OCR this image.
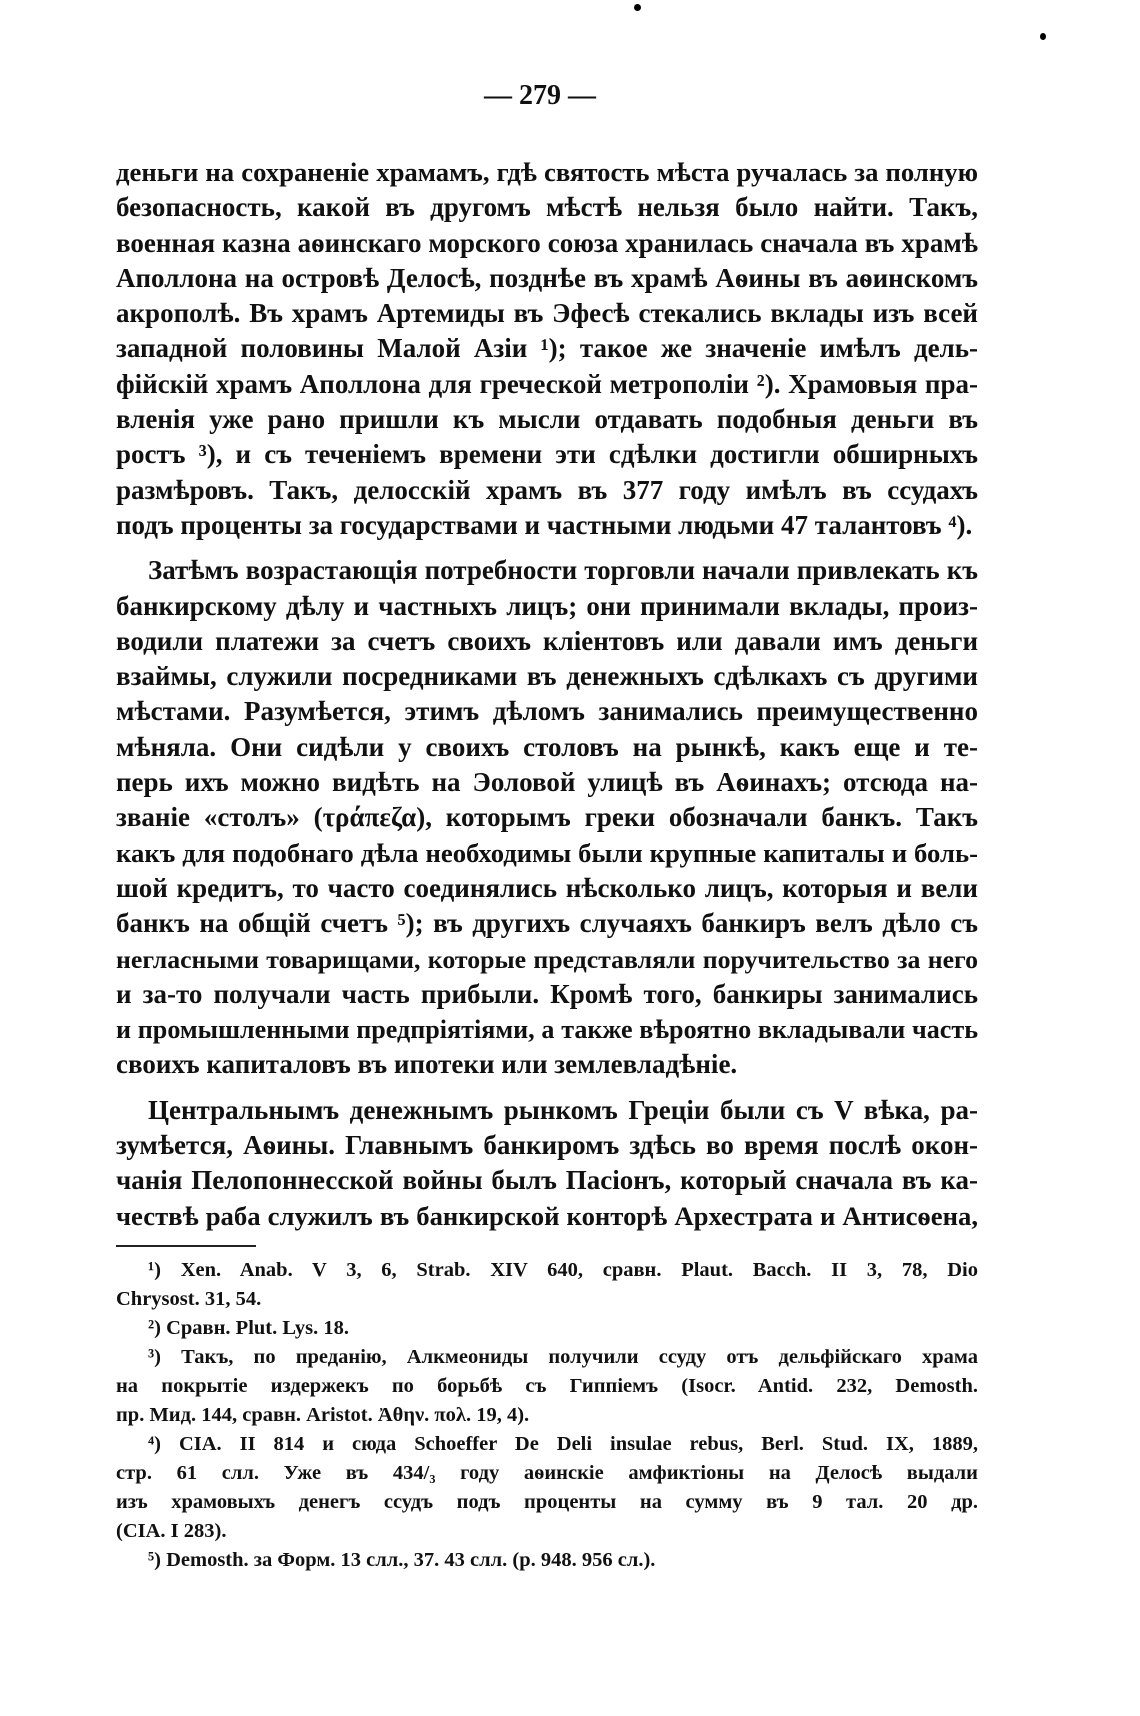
— 279 —
деньги на сохраненіе храмамъ, гдѣ святость мѣста ручалась за полную
безопасность, какой въ другомъ мѣстѣ нельзя было найти. Такъ,
военная казна аѳинскаго морского союза хранилась сначала въ храмѣ
Аполлона на островѣ Делосѣ, позднѣе въ храмѣ Аѳины въ аѳинскомъ
акрополѣ. Въ храмъ Артемиды въ Эфесѣ стекались вклады изъ всей
западной половины Малой Азіи ¹); такое же значеніе имѣлъ дель-
фійскій храмъ Аполлона для греческой метрополіи ²). Храмовыя пра-
вленія уже рано пришли къ мысли отдавать подобныя деньги въ
ростъ ³), и съ теченіемъ времени эти сдѣлки достигли обширныхъ
размѣровъ. Такъ, делосскій храмъ въ 377 году имѣлъ въ ссудахъ
подъ проценты за государствами и частными людьми 47 талантовъ ⁴).
Затѣмъ возрастающія потребности торговли начали привлекать къ
банкирскому дѣлу и частныхъ лицъ; они принимали вклады, произ-
водили платежи за счетъ своихъ кліентовъ или давали имъ деньги
взаймы, служили посредниками въ денежныхъ сдѣлкахъ съ другими
мѣстами. Разумѣется, этимъ дѣломъ занимались преимущественно
мѣняла. Они сидѣли у своихъ столовъ на рынкѣ, какъ еще и те-
перь ихъ можно видѣть на Эоловой улицѣ въ Аѳинахъ; отсюда на-
званіе «столъ» (τράπεζα), которымъ греки обозначали банкъ. Такъ
какъ для подобнаго дѣла необходимы были крупные капиталы и боль-
шой кредитъ, то часто соединялись нѣсколько лицъ, которыя и вели
банкъ на общій счетъ ⁵); въ другихъ случаяхъ банкиръ велъ дѣло съ
негласными товарищами, которые представляли поручительство за него
и за-то получали часть прибыли. Кромѣ того, банкиры занимались
и промышленными предпріятіями, а также вѣроятно вкладывали часть
своихъ капиталовъ въ ипотеки или землевладѣніе.
Центральнымъ денежнымъ рынкомъ Греціи были съ V вѣка, ра-
зумѣется, Аѳины. Главнымъ банкиромъ здѣсь во время послѣ окон-
чанія Пелопоннесской войны былъ Пасіонъ, который сначала въ ка-
чествѣ раба служилъ въ банкирской конторѣ Архестрата и Антисѳена,
¹) Xen. Anab. V 3, 6, Strab. XIV 640, сравн. Plaut. Bacch. II 3, 78, Dio
Chrysost. 31, 54.
²) Сравн. Plut. Lys. 18.
³) Такъ, по преданію, Алкмеониды получили ссуду отъ дельфійскаго храма
на покрытіе издержекъ по борьбѣ съ Гиппіемъ (Isocr. Antid. 232, Demosth.
пр. Мид. 144, сравн. Aristot. Ἀθην. πολ. 19, 4).
⁴) CIA. II 814 и сюда Schoeffer De Deli insulae rebus, Berl. Stud. IX, 1889,
стр. 61 слл. Уже въ 434/₃ году аѳинскіе амфиктіоны на Делосѣ выдали
изъ храмовыхъ денегъ ссудъ подъ проценты на сумму въ 9 тал. 20 др.
(CIA. I 283).
⁵) Demosth. за Форм. 13 слл., 37. 43 слл. (p. 948. 956 сл.).
